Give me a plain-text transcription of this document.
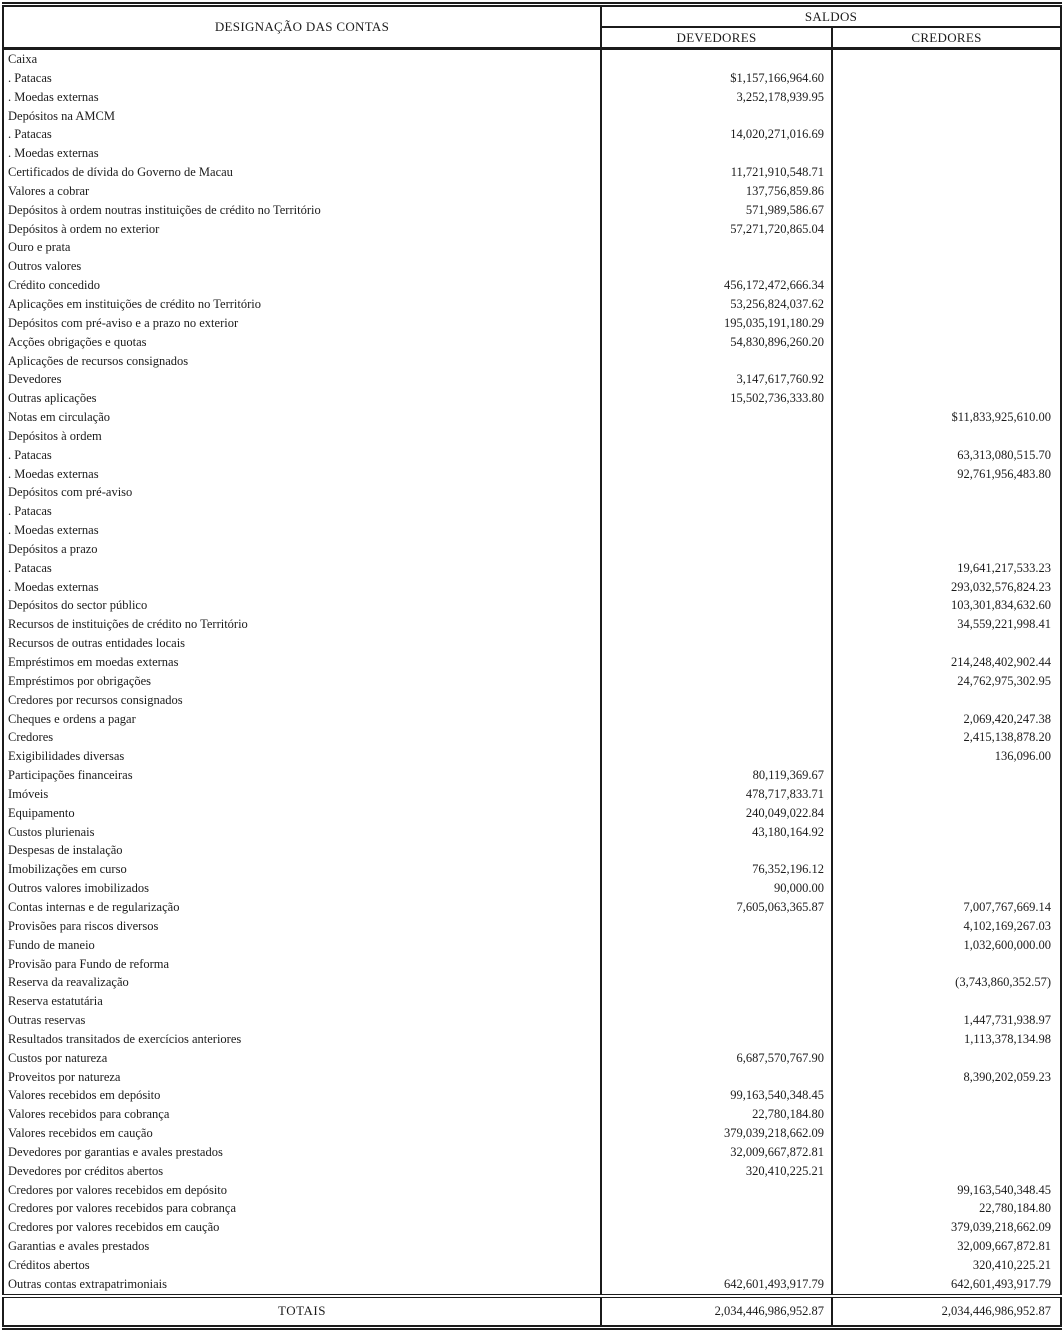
DESIGNAÇÃO DAS CONTAS	SALDOS	
	DEVEDORES	CREDORES
Caixa		
. Patacas	$1,157,166,964.60	
. Moedas externas	3,252,178,939.95	
Depósitos na AMCM		
. Patacas	14,020,271,016.69	
. Moedas externas		
Certificados de dívida do Governo de Macau	11,721,910,548.71	
Valores a cobrar	137,756,859.86	
Depósitos à ordem noutras instituições de crédito no Território	571,989,586.67	
Depósitos à ordem no exterior	57,271,720,865.04	
Ouro e prata		
Outros valores		
Crédito concedido	456,172,472,666.34	
Aplicações em instituições de crédito no Território	53,256,824,037.62	
Depósitos com pré-aviso e a prazo no exterior	195,035,191,180.29	
Acções obrigações e quotas	54,830,896,260.20	
Aplicações de recursos consignados		
Devedores	3,147,617,760.92	
Outras aplicações	15,502,736,333.80	
Notas em circulação		$11,833,925,610.00
Depósitos à ordem		
. Patacas		63,313,080,515.70
. Moedas externas		92,761,956,483.80
Depósitos com pré-aviso		
. Patacas		
. Moedas externas		
Depósitos a prazo		
. Patacas		19,641,217,533.23
. Moedas externas		293,032,576,824.23
Depósitos do sector público		103,301,834,632.60
Recursos de instituições de crédito no Território		34,559,221,998.41
Recursos de outras entidades locais		
Empréstimos em moedas externas		214,248,402,902.44
Empréstimos por obrigações		24,762,975,302.95
Credores por recursos consignados		
Cheques e ordens a pagar		2,069,420,247.38
Credores		2,415,138,878.20
Exigibilidades diversas		136,096.00
Participações financeiras	80,119,369.67	
Imóveis	478,717,833.71	
Equipamento	240,049,022.84	
Custos plurienais	43,180,164.92	
Despesas de instalação		
Imobilizações em curso	76,352,196.12	
Outros valores imobilizados	90,000.00	
Contas internas e de regularização	7,605,063,365.87	7,007,767,669.14
Provisões para riscos diversos		4,102,169,267.03
Fundo de maneio		1,032,600,000.00
Provisão para Fundo de reforma		
Reserva da reavalização		(3,743,860,352.57)
Reserva estatutária		
Outras reservas		1,447,731,938.97
Resultados transitados de exercícios anteriores		1,113,378,134.98
Custos por natureza	6,687,570,767.90	
Proveitos por natureza		8,390,202,059.23
Valores recebidos em depósito	99,163,540,348.45	
Valores recebidos para cobrança	22,780,184.80	
Valores recebidos em caução	379,039,218,662.09	
Devedores por garantias e avales prestados	32,009,667,872.81	
Devedores por créditos abertos	320,410,225.21	
Credores por valores recebidos em depósito		99,163,540,348.45
Credores por valores recebidos para cobrança		22,780,184.80
Credores por valores recebidos em caução		379,039,218,662.09
Garantias e avales prestados		32,009,667,872.81
Créditos abertos		320,410,225.21
Outras contas extrapatrimoniais	642,601,493,917.79	642,601,493,917.79
TOTAIS	2,034,446,986,952.87	2,034,446,986,952.87
